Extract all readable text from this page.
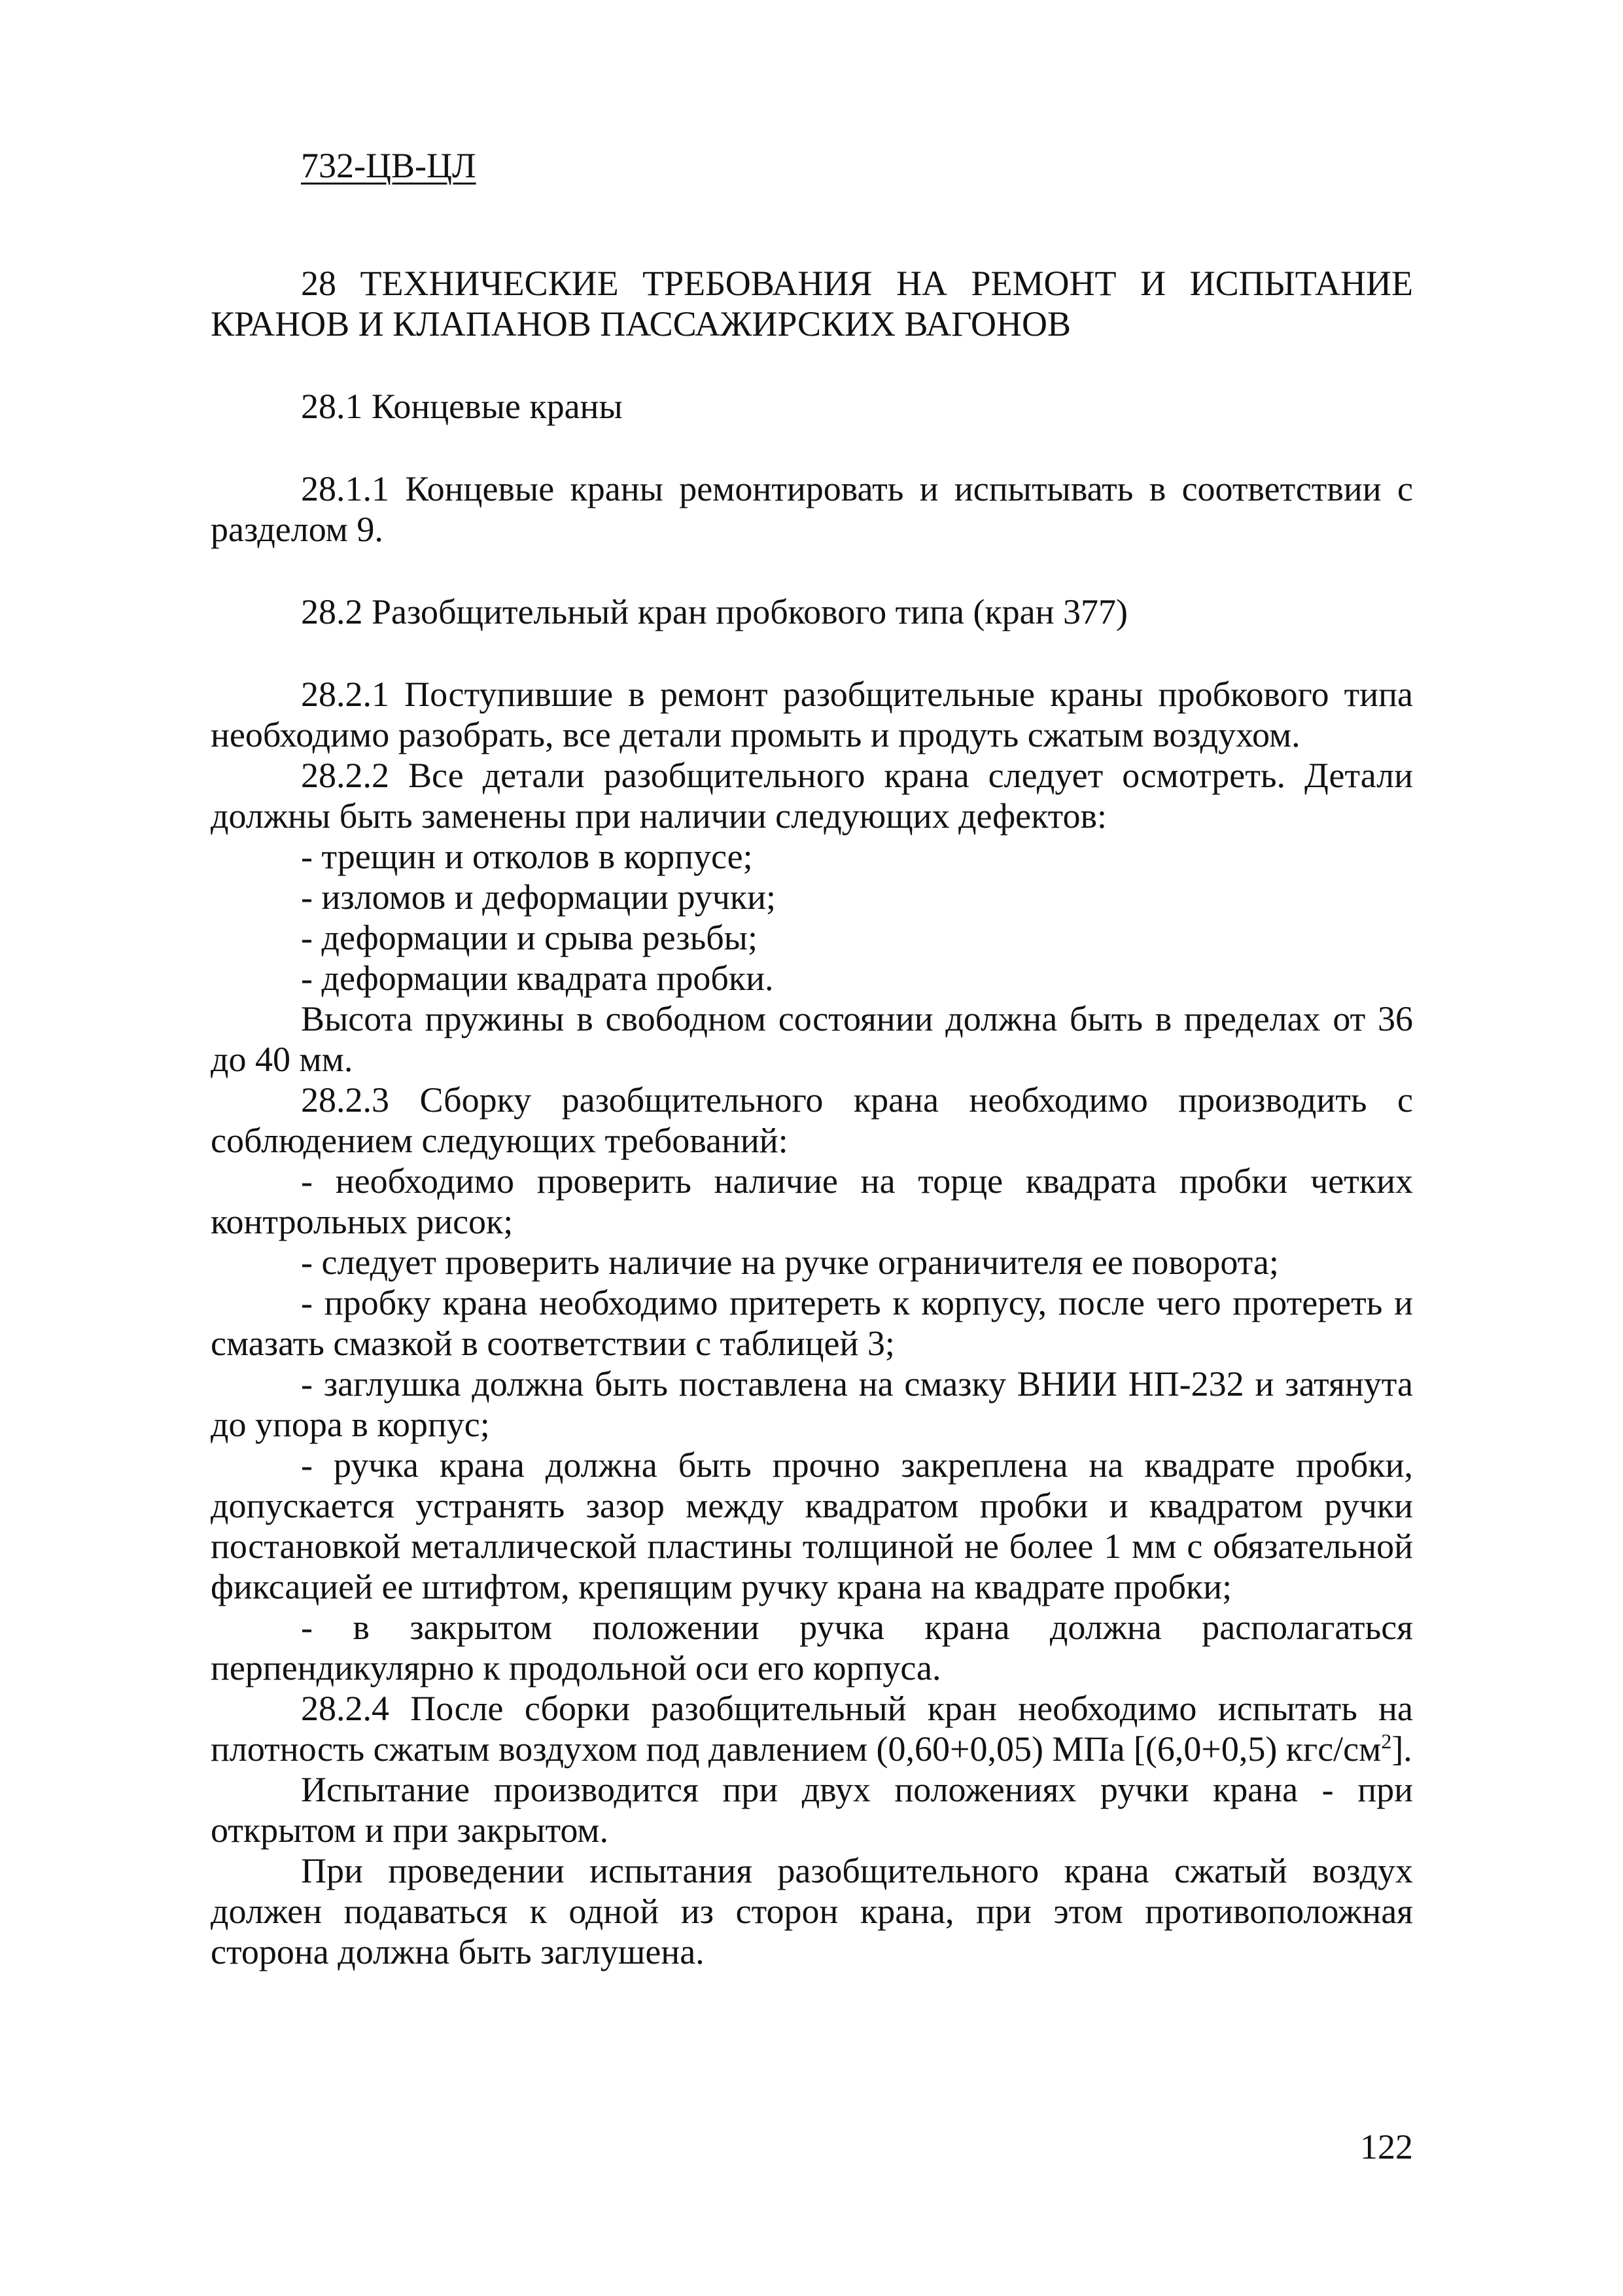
732-ЦВ-ЦЛ

28 ТЕХНИЧЕСКИЕ ТРЕБОВАНИЯ НА РЕМОНТ И ИСПЫТАНИЕ КРАНОВ И КЛАПАНОВ ПАССАЖИРСКИХ ВАГОНОВ

28.1 Концевые краны

28.1.1 Концевые краны ремонтировать и испытывать в соответствии с разделом 9.

28.2 Разобщительный кран пробкового типа (кран 377)

28.2.1 Поступившие в ремонт разобщительные краны пробкового типа необходимо разобрать, все детали промыть и продуть сжатым воздухом.

28.2.2 Все детали разобщительного крана следует осмотреть. Детали должны быть заменены при наличии следующих дефектов:

- трещин и отколов в корпусе;

- изломов и деформации ручки;

- деформации и срыва резьбы;

- деформации квадрата пробки.

Высота пружины в свободном состоянии должна быть в пределах от 36 до 40 мм.

28.2.3 Сборку разобщительного крана необходимо производить с соблюдением следующих требований:

- необходимо проверить наличие на торце квадрата пробки четких контрольных рисок;

- следует проверить наличие на ручке ограничителя ее поворота;

- пробку крана необходимо притереть к корпусу, после чего протереть и смазать смазкой в соответствии с таблицей 3;

- заглушка должна быть поставлена на смазку ВНИИ НП-232 и затянута до упора в корпус;

- ручка крана должна быть прочно закреплена на квадрате пробки, допускается устранять зазор между квадратом пробки и квадратом ручки постановкой металлической пластины толщиной не более 1 мм с обязательной фиксацией ее штифтом, крепящим ручку крана на квадрате пробки;

- в закрытом положении ручка крана должна располагаться перпендикулярно к продольной оси его корпуса.

28.2.4 После сборки разобщительный кран необходимо испытать на плотность сжатым воздухом под давлением (0,60+0,05) МПа [(6,0+0,5) кгс/$см^2$].

Испытание производится при двух положениях ручки крана - при открытом и при закрытом.

При проведении испытания разобщительного крана сжатый воздух должен подаваться к одной из сторон крана, при этом противоположная сторона должна быть заглушена.

122
